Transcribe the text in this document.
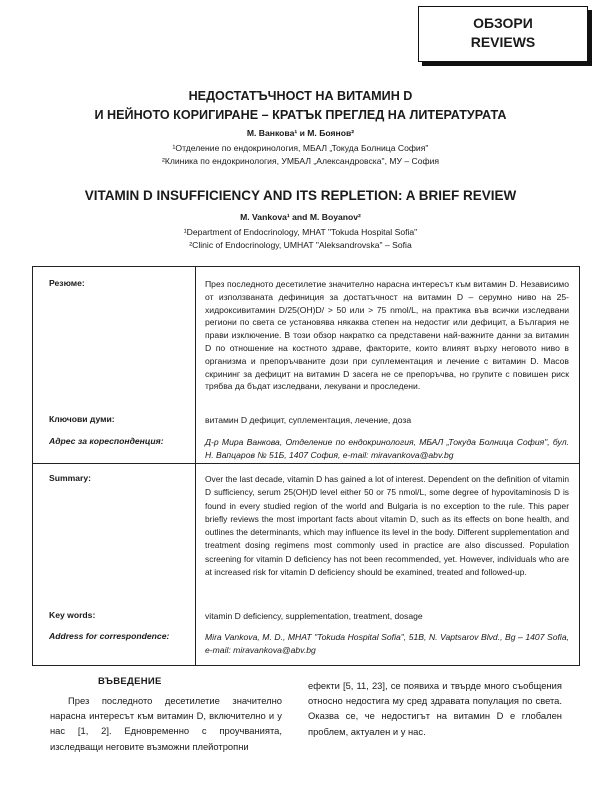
ОБЗОРИ
REVIEWS
НЕДОСТАТЪЧНОСТ НА ВИТАМИН D
И НЕЙНОТО КОРИГИРАНЕ – КРАТЪК ПРЕГЛЕД НА ЛИТЕРАТУРАТА
М. Ванкова¹ и М. Боянов²
¹Отделение по ендокринология, МБАЛ „Токуда Болница София"
²Клиника по ендокринология, УМБАЛ „Александровска", МУ – София
VITAMIN D INSUFFICIENCY AND ITS REPLETION: A BRIEF REVIEW
M. Vankova¹ and M. Boyanov²
¹Department of Endocrinology, MHAT "Tokuda Hospital Sofia"
²Clinic of Endocrinology, UMHAT "Aleksandrovska" – Sofia
Резюме:	През последното десетилетие значително нарасна интересът към витамин D. Независимо от използваната дефиниция за достатъчност на витамин D – серумно ниво на 25-хидроксивитамин D/25(OH)D/ > 50 или > 75 nmol/L, на практика във всички изследвани региони по света се установява някаква степен на недостиг или дефицит, а България не прави изключение. В този обзор накратко са представени най-важните данни за витамин D по отношение на костното здраве, факторите, които влияят върху неговото ниво в организма и препоръчваните дози при суплементация и лечение с витамин D. Масов скрининг за дефицит на витамин D засега не се препоръчва, но групите с повишен риск трябва да бъдат изследвани, лекувани и проследени.
Ключови думи:	витамин D дефицит, суплементация, лечение, доза
Адрес за кореспонденция:	Д-р Мира Ванкова, Отделение по ендокринология, МБАЛ „Токуда Болница София", бул. Н. Вапцаров № 51Б, 1407 София, e-mail: miravankova@abv.bg
Summary:	Over the last decade, vitamin D has gained a lot of interest. Dependent on the definition of vitamin D sufficiency, serum 25(OH)D level either 50 or 75 nmol/L, some degree of hypovitaminosis D is found in every studied region of the world and Bulgaria is no exception to the rule. This paper briefly reviews the most important facts about vitamin D, such as its effects on bone health, and outlines the determinants, which may influence its level in the body. Different supplementation and treatment dosing regimens most commonly used in practice are also discussed. Population screening for vitamin D deficiency has not been recommended, yet. However, individuals who are at increased risk for vitamin D deficiency should be examined, treated and followed-up.
Key words:	vitamin D deficiency, supplementation, treatment, dosage
Address for correspondence:	Mira Vankova, M. D., MHAT "Tokuda Hospital Sofia", 51B, N. Vaptsarov Blvd., Bg – 1407 Sofia, e-mail: miravankova@abv.bg
ВЪВЕДЕНИЕ
През последното десетилетие значително нарасна интересът към витамин D, включително и у нас [1, 2]. Едновременно с проучванията, изследващи неговите възможни плейотропни
ефекти [5, 11, 23], се появиха и твърде много съобщения относно недостига му сред здравата популация по света. Оказва се, че недостигът на витамин D е глобален проблем, актуален и у нас.
